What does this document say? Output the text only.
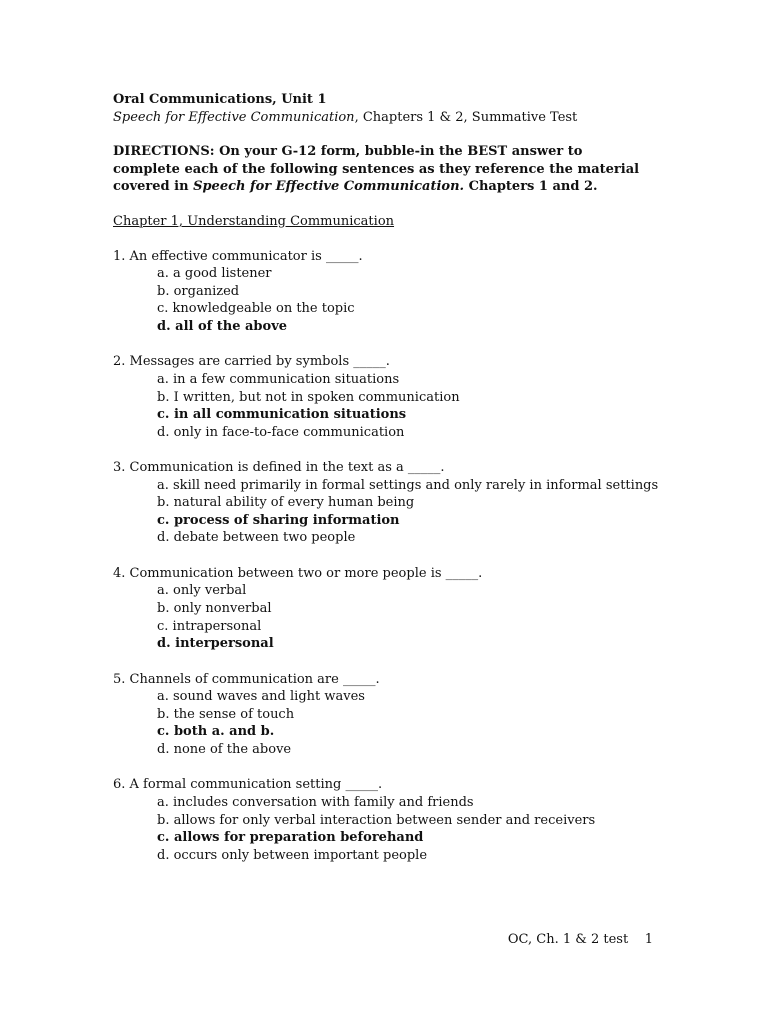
Oral Communications, Unit 1
Speech for Effective Communication, Chapters 1 & 2, Summative Test
DIRECTIONS: On your G-12 form, bubble-in the BEST answer to complete each of the following sentences as they reference the material covered in Speech for Effective Communication. Chapters 1 and 2.
Chapter 1, Understanding Communication
1. An effective communicator is _____.
a. a good listener
b. organized
c. knowledgeable on the topic
d. all of the above
2. Messages are carried by symbols _____.
a. in a few communication situations
b. I written, but not in spoken communication
c. in all communication situations
d. only in face-to-face communication
3. Communication is defined in the text as a _____.
a. skill need primarily in formal settings and only rarely in informal settings
b. natural ability of every human being
c. process of sharing information
d. debate between two people
4. Communication between two or more people is _____.
a. only verbal
b. only nonverbal
c. intrapersonal
d. interpersonal
5. Channels of communication are _____.
a. sound waves and light waves
b. the sense of touch
c. both a. and b.
d. none of the above
6. A formal communication setting _____.
a. includes conversation with family and friends
b. allows for only verbal interaction between sender and receivers
c. allows for preparation beforehand
d. occurs only between important people
OC, Ch. 1 & 2 test 1
